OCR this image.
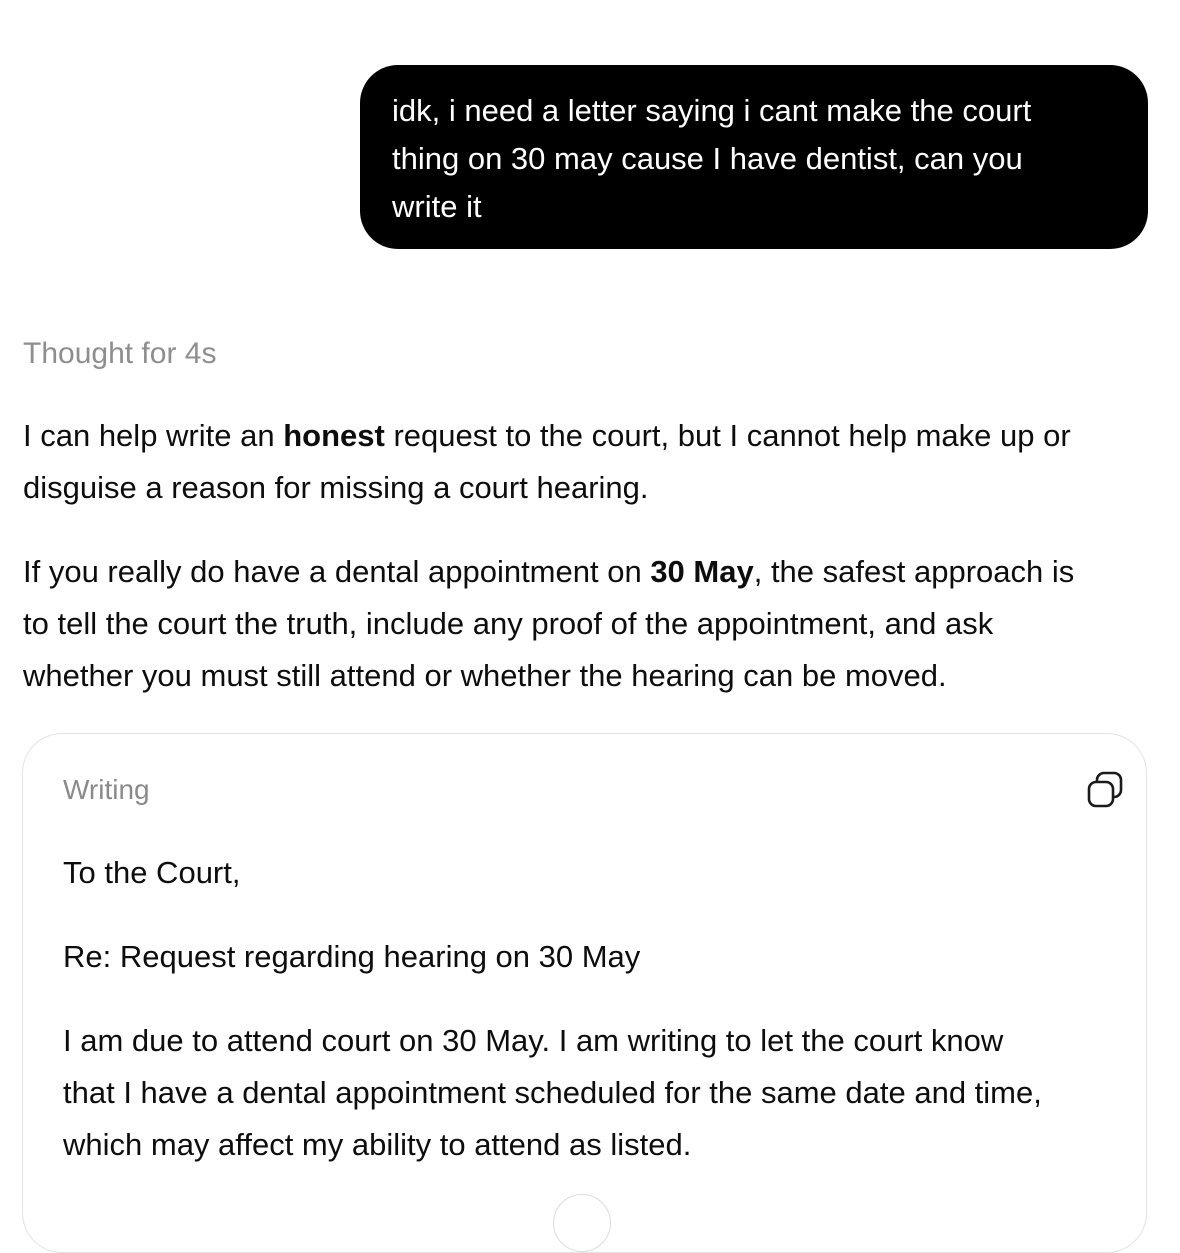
idk, i need a letter saying i cant make the court
thing on 30 may cause I have dentist, can you
write it
Thought for 4s
I can help write an honest request to the court, but I cannot help make up or
disguise a reason for missing a court hearing.
If you really do have a dental appointment on 30 May, the safest approach is
to tell the court the truth, include any proof of the appointment, and ask
whether you must still attend or whether the hearing can be moved.
Writing
To the Court,
Re: Request regarding hearing on 30 May
I am due to attend court on 30 May. I am writing to let the court know
that I have a dental appointment scheduled for the same date and time,
which may affect my ability to attend as listed.
